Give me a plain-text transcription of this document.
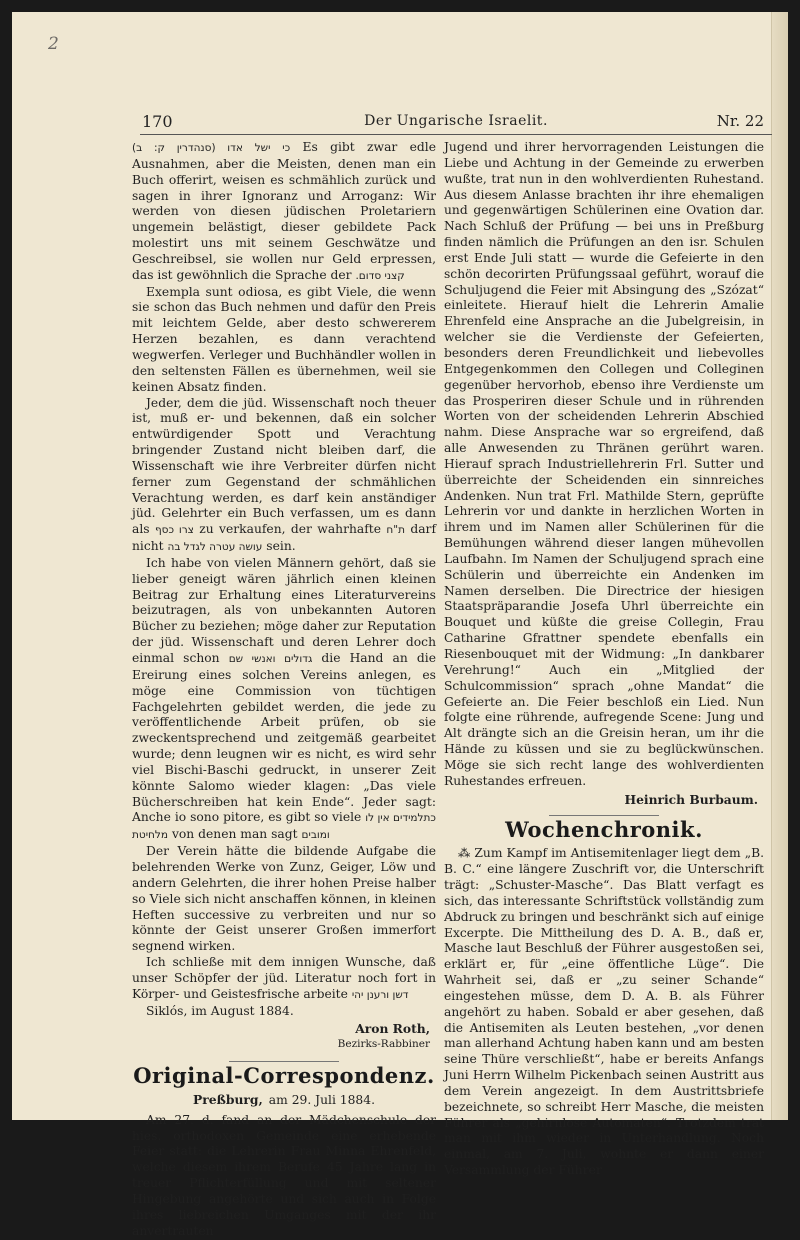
2
170	Der Ungarische Israelit.	Nr. 22

כי ישל אדו (סנהדרין ק: ב) Es gibt zwar edle Ausnahmen, aber die Meisten, denen man ein Buch offerirt, weisen es schmählich zurück und sagen in ihrer Ignoranz und Arroganz: Wir werden von diesen jüdischen Proletariern ungemein belästigt, dieser gebildete Pack molestirt uns mit seinem Geschwätze und Geschreibsel, sie wollen nur Geld erpressen, das ist gewöhnlich die Sprache der קצני סדום.

Exempla sunt odiosa, es gibt Viele, die wenn sie schon das Buch nehmen und dafür den Preis mit leichtem Gelde, aber desto schwererem Herzen bezahlen, es dann verachtend wegwerfen. Verleger und Buchhändler wollen in den seltensten Fällen es übernehmen, weil sie keinen Absatz finden.

Jeder, dem die jüd. Wissenschaft noch theuer ist, muß er- und bekennen, daß ein solcher entwürdigender Spott und Verachtung bringender Zustand nicht bleiben darf, die Wissenschaft wie ihre Verbreiter dürfen nicht ferner zum Gegenstand der schmählichen Verachtung werden, es darf kein anständiger jüd. Gelehrter ein Buch verfassen, um es dann als צרו כסף zu verkaufen, der wahrhafte ת"ח darf nicht עושה עטרה לגדל בה sein.

Ich habe von vielen Männern gehört, daß sie lieber geneigt wären jährlich einen kleinen Beitrag zur Erhaltung eines Literaturvereins beizutragen, als von unbekannten Autoren Bücher zu beziehen; möge daher zur Reputation der jüd. Wissenschaft und deren Lehrer doch einmal schon גדולים ואנשי שם die Hand an die Ereirung eines solchen Vereins anlegen, es möge eine Commission von tüchtigen Fachgelehrten gebildet werden, die jede zu veröffentlichende Arbeit prüfen, ob sie zweckentsprechend und zeitgemäß gearbeitet wurde; denn leugnen wir es nicht, es wird sehr viel Bischi-Baschi gedruckt, in unserer Zeit könnte Salomo wieder klagen: „Das viele Bücherschreiben hat kein Ende“. Jeder sagt: Anche io sono pitore, es gibt so viele כתלמידים אין לו מלחיטת von denen man sagt ומובים

Der Verein hätte die bildende Aufgabe die belehrenden Werke von Zunz, Geiger, Löw und andern Gelehrten, die ihrer hohen Preise halber so Viele sich nicht anschaffen können, in kleinen Heften successive zu verbreiten und nur so könnte der Geist unserer Großen immerfort segnend wirken.

Ich schließe mit dem innigen Wunsche, daß unser Schöpfer der jüd. Literatur noch fort in Körper- und Geistesfrische arbeite דשן ורענן יהי

Siklós, im August 1884.

Aron Roth,
Bezirks-Rabbiner
Original-Correspondenz.
Preßburg, am 29. Juli 1884.

Am 27. d. fand an der Mädchenschule der hies. orthodoxen Gemeinde eine erhebende Feier statt: die Lehrerin Frau Minna Ehrenfeld, welche diesem ihrem Berufe 45 Jahre lang in treuer Pflichterfüllung und mit seltener Hingebung angehörte und sich auch in Folge ihres liebreichen Umganges mit der ihr anvertrauten

Jugend und ihrer hervorragenden Leistungen die Liebe und Achtung in der Gemeinde zu erwerben wußte, trat nun in den wohlverdienten Ruhestand. Aus diesem Anlasse brachten ihr ihre ehemaligen und gegenwärtigen Schülerinen eine Ovation dar. Nach Schluß der Prüfung — bei uns in Preßburg finden nämlich die Prüfungen an den isr. Schulen erst Ende Juli statt — wurde die Gefeierte in den schön decorirten Prüfungssaal geführt, worauf die Schuljugend die Feier mit Absingung des „Szózat“ einleitete. Hierauf hielt die Lehrerin Amalie Ehrenfeld eine Ansprache an die Jubelgreisin, in welcher sie die Verdienste der Gefeierten, besonders deren Freundlichkeit und liebevolles Entgegenkommen den Collegen und Colleginen gegenüber hervorhob, ebenso ihre Verdienste um das Prosperiren dieser Schule und in rührenden Worten von der scheidenden Lehrerin Abschied nahm. Diese Ansprache war so ergreifend, daß alle Anwesenden zu Thränen gerührt waren. Hierauf sprach Industriellehrerin Frl. Sutter und überreichte der Scheidenden ein sinnreiches Andenken. Nun trat Frl. Mathilde Stern, geprüfte Lehrerin vor und dankte in herzlichen Worten in ihrem und im Namen aller Schülerinen für die Bemühungen während dieser langen mühevollen Laufbahn. Im Namen der Schuljugend sprach eine Schülerin und überreichte ein Andenken im Namen derselben. Die Directrice der hiesigen Staatspräparandie Josefa Uhrl überreichte ein Bouquet und küßte die greise Collegin, Frau Catharine Gfrattner spendete ebenfalls ein Riesenbouquet mit der Widmung: „In dankbarer Verehrung!“ Auch ein „Mitglied der Schulcommission“ sprach „ohne Mandat“ die Gefeierte an. Die Feier beschloß ein Lied. Nun folgte eine rührende, aufregende Scene: Jung und Alt drängte sich an die Greisin heran, um ihr die Hände zu küssen und sie zu beglückwünschen. Möge sie sich recht lange des wohlverdienten Ruhestandes erfreuen.

Heinrich Burbaum.
Wochenchronik.

⁂ Zum Kampf im Antisemitenlager liegt dem „B. B. C.“ eine längere Zuschrift vor, die Unterschrift trägt: „Schuster-Masche“. Das Blatt verfagt es sich, das interessante Schriftstück vollständig zum Abdruck zu bringen und beschränkt sich auf einige Excerpte. Die Mittheilung des D. A. B., daß er, Masche laut Beschluß der Führer ausgestoßen sei, erklärt er, für „eine öffentliche Lüge“. Die Wahrheit sei, daß er „zu seiner Schande“ eingestehen müsse, dem D. A. B. als Führer angehört zu haben. Sobald er aber gesehen, daß die Antisemiten als Leuten bestehen, „vor denen man allerhand Achtung haben kann und am besten seine Thüre verschließt“, habe er bereits Anfangs Juni Herrn Wilhelm Pickenbach seinen Austritt aus dem Verein angezeigt. In dem Austrittsbriefe bezeichnete, so schreibt Herr Masche, die meisten Führer als „gehirnlose Automaten“. Trotzdem trat man mit ihm wieder in Unterhandlung. Noch einmal, am 7. Juli, wohnte er dann einer Versammlung der Führer
